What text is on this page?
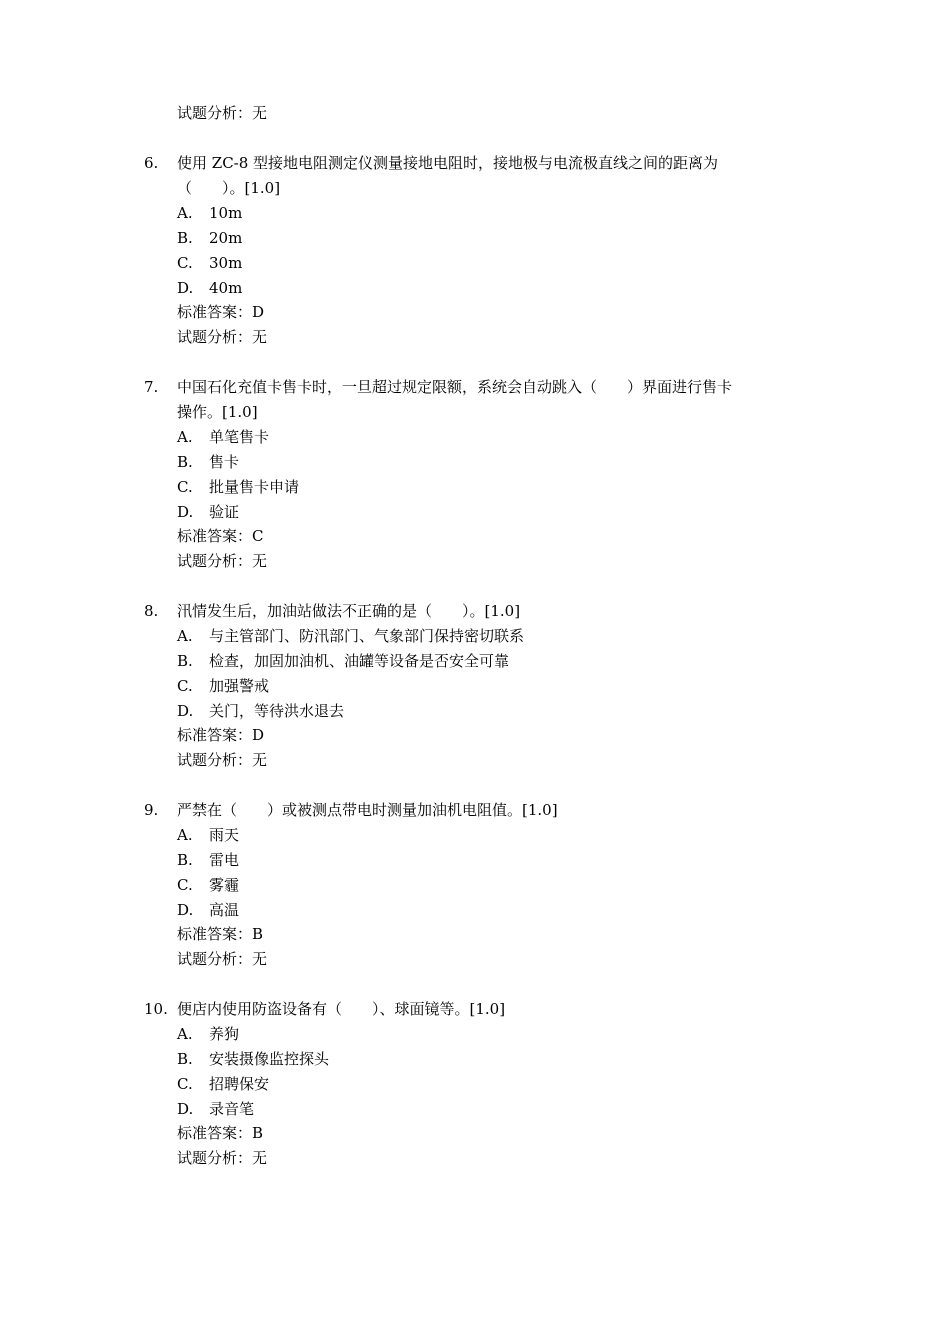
试题分析：无
6. 使用 ZC-8 型接地电阻测定仪测量接地电阻时，接地极与电流极直线之间的距离为
（　　）。[1.0]
A. 10m
B. 20m
C. 30m
D. 40m
标准答案：D
试题分析：无
7. 中国石化充值卡售卡时，一旦超过规定限额，系统会自动跳入（　　）界面进行售卡
操作。[1.0]
A. 单笔售卡
B. 售卡
C. 批量售卡申请
D. 验证
标准答案：C
试题分析：无
8. 汛情发生后，加油站做法不正确的是（　　）。[1.0]
A. 与主管部门、防汛部门、气象部门保持密切联系
B. 检查，加固加油机、油罐等设备是否安全可靠
C. 加强警戒
D. 关门，等待洪水退去
标准答案：D
试题分析：无
9. 严禁在（　　）或被测点带电时测量加油机电阻值。[1.0]
A. 雨天
B. 雷电
C. 雾霾
D. 高温
标准答案：B
试题分析：无
10. 便店内使用防盗设备有（　　）、球面镜等。[1.0]
A. 养狗
B. 安装摄像监控探头
C. 招聘保安
D. 录音笔
标准答案：B
试题分析：无
